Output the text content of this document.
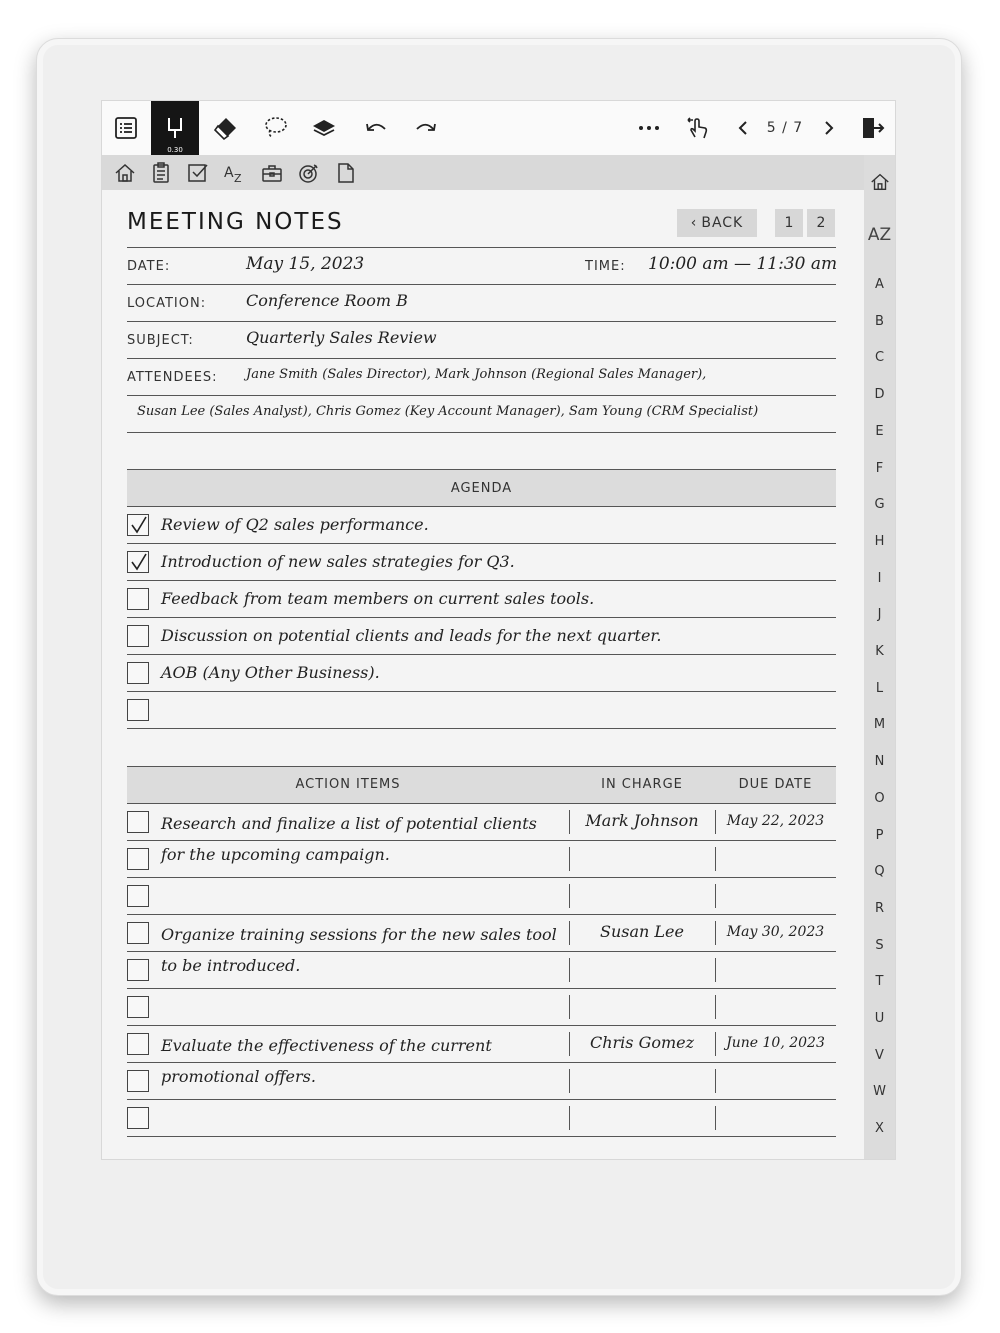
0.30
5 / 7
A Z
AZ
A
B
C
D
E
F
G
H
I
J
K
L
M
N
O
P
Q
R
S
T
U
V
W
X
MEETING NOTES	‹ BACK	1	2
DATE:	May 15, 2023	TIME: 10:00 am — 11:30 am
LOCATION: Conference Room B
SUBJECT:	Quarterly Sales Review
ATTENDEES: Jane Smith (Sales Director), Mark Johnson (Regional Sales Manager),
Susan Lee (Sales Analyst), Chris Gomez (Key Account Manager), Sam Young (CRM Specialist)
AGENDA
Review of Q2 sales performance.
Introduction of new sales strategies for Q3.
Feedback from team members on current sales tools.
Discussion on potential clients and leads for the next quarter.
AOB (Any Other Business).
ACTION ITEMS	IN CHARGE	DUE DATE
Research and finalize a list of potential clients
for the upcoming campaign.
Mark Johnson	May 22, 2023
Organize training sessions for the new sales tool
to be introduced.
Susan Lee	May 30, 2023
Evaluate the effectiveness of the current
promotional offers.
Chris Gomez	June 10, 2023
